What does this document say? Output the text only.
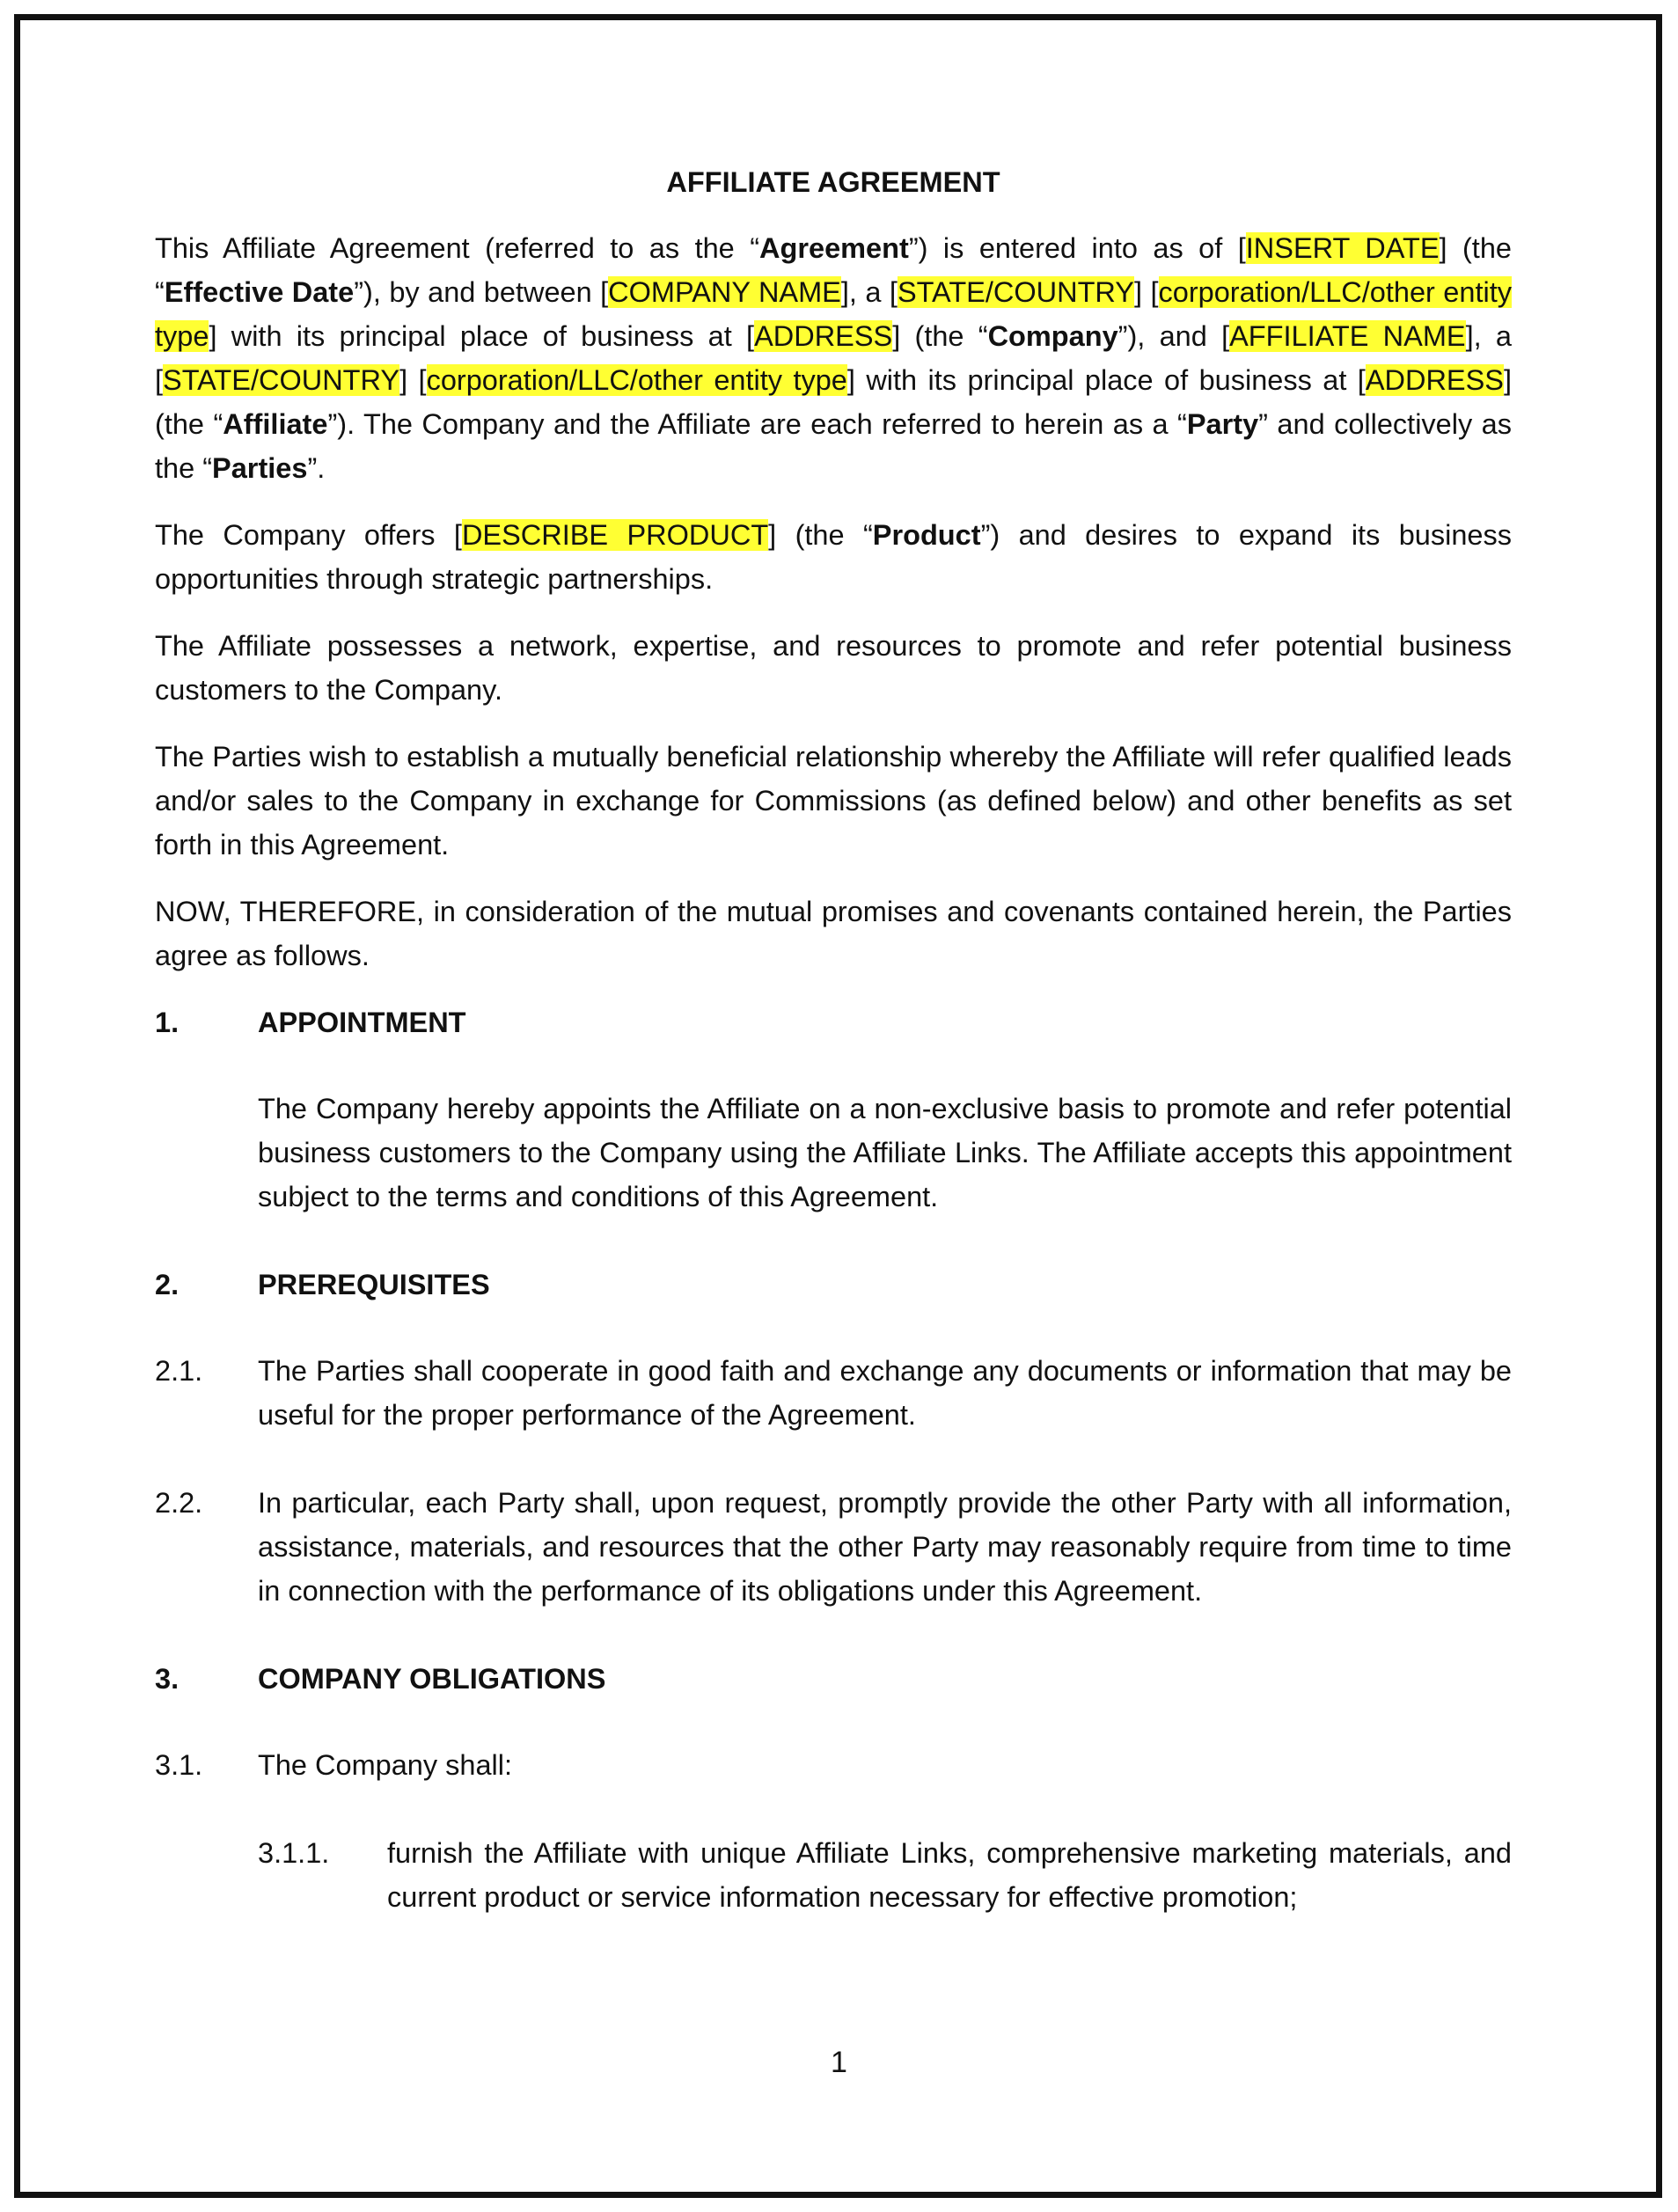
AFFILIATE AGREEMENT

This Affiliate Agreement (referred to as the “Agreement”) is entered into as of [INSERT DATE] (the “Effective Date”), by and between [COMPANY NAME], a [STATE/COUNTRY] [corporation/LLC/other entity type] with its principal place of business at [ADDRESS] (the “Company”), and [AFFILIATE NAME], a [STATE/COUNTRY] [corporation/LLC/other entity type] with its principal place of business at [ADDRESS] (the “Affiliate”). The Company and the Affiliate are each referred to herein as a “Party” and collectively as the “Parties”.

The Company offers [DESCRIBE PRODUCT] (the “Product”) and desires to expand its business opportunities through strategic partnerships.

The Affiliate possesses a network, expertise, and resources to promote and refer potential business customers to the Company.

The Parties wish to establish a mutually beneficial relationship whereby the Affiliate will refer qualified leads and/or sales to the Company in exchange for Commissions (as defined below) and other benefits as set forth in this Agreement.

NOW, THEREFORE, in consideration of the mutual promises and covenants contained herein, the Parties agree as follows.

1.	APPOINTMENT

The Company hereby appoints the Affiliate on a non-exclusive basis to promote and refer potential business customers to the Company using the Affiliate Links. The Affiliate accepts this appointment subject to the terms and conditions of this Agreement.

2.	PREREQUISITES
2.1.	The Parties shall cooperate in good faith and exchange any documents or information that may be useful for the proper performance of the Agreement.
2.2.	In particular, each Party shall, upon request, promptly provide the other Party with all information, assistance, materials, and resources that the other Party may reasonably require from time to time in connection with the performance of its obligations under this Agreement.
3.	COMPANY OBLIGATIONS
3.1.	The Company shall:
3.1.1.	furnish the Affiliate with unique Affiliate Links, comprehensive marketing materials, and current product or service information necessary for effective promotion;
1
